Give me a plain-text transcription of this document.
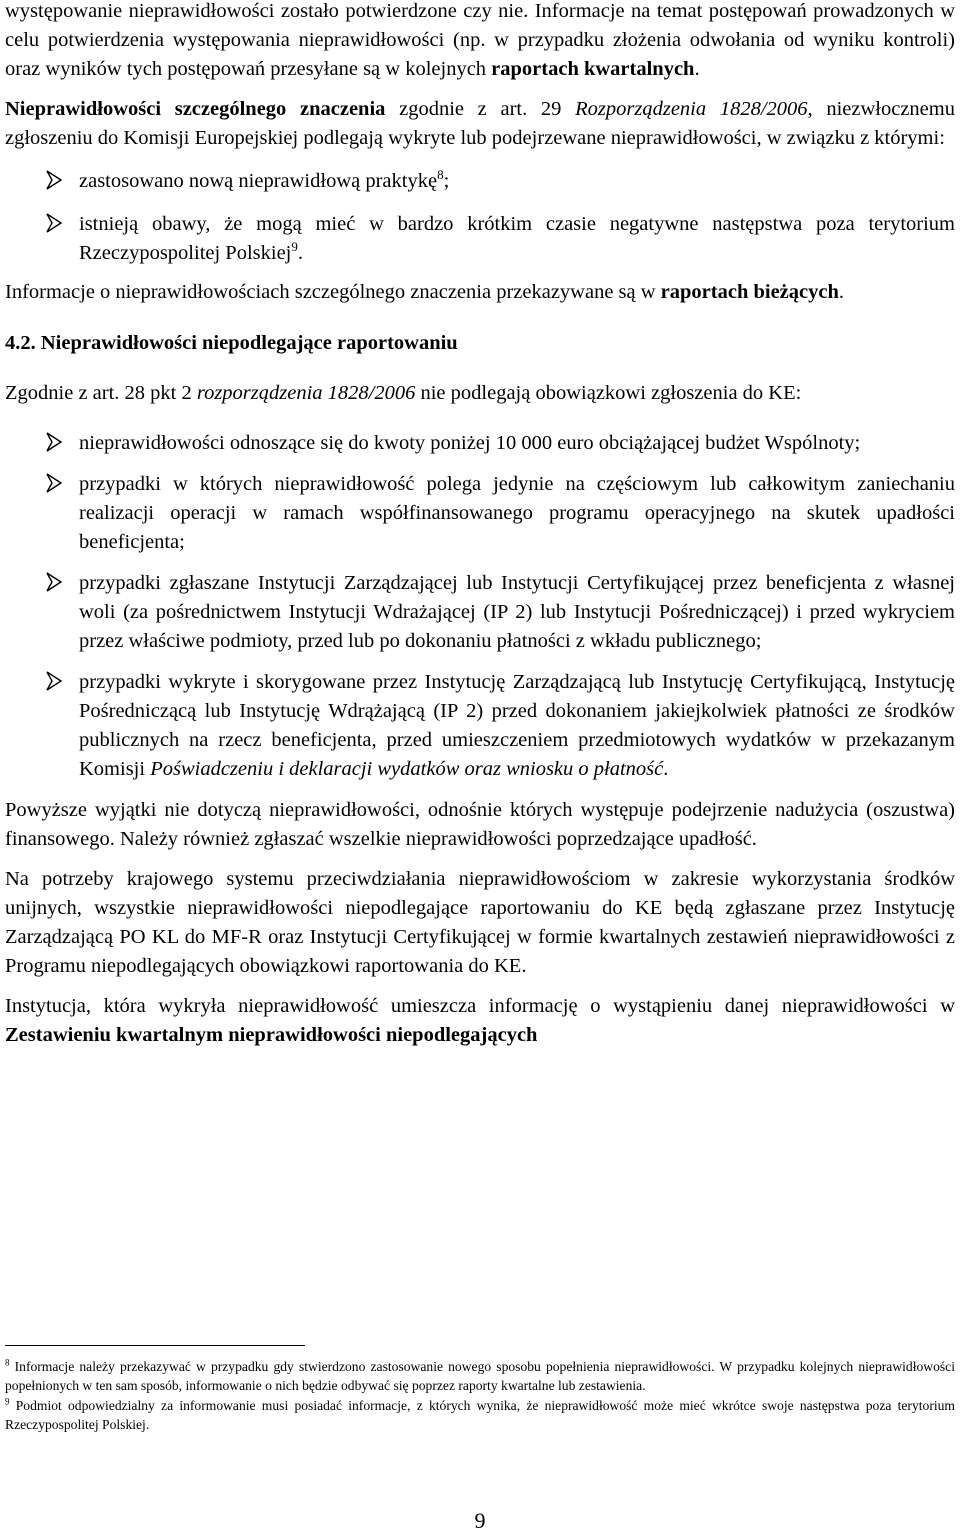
występowanie nieprawidłowości zostało potwierdzone czy nie. Informacje na temat postępowań prowadzonych w celu potwierdzenia występowania nieprawidłowości (np. w przypadku złożenia odwołania od wyniku kontroli) oraz wyników tych postępowań przesyłane są w kolejnych raportach kwartalnych.

Nieprawidłowości szczególnego znaczenia zgodnie z art. 29 Rozporządzenia 1828/2006, niezwłocznemu zgłoszeniu do Komisji Europejskiej podlegają wykryte lub podejrzewane nieprawidłowości, w związku z którymi:

zastosowano nową nieprawidłową praktykę$^8$;
istnieją obawy, że mogą mieć w bardzo krótkim czasie negatywne następstwa poza terytorium Rzeczypospolitej Polskiej$^9$.

Informacje o nieprawidłowościach szczególnego znaczenia przekazywane są w raportach bieżących.

4.2. Nieprawidłowości niepodlegające raportowaniu

Zgodnie z art. 28 pkt 2 rozporządzenia 1828/2006 nie podlegają obowiązkowi zgłoszenia do KE:

nieprawidłowości odnoszące się do kwoty poniżej 10 000 euro obciążającej budżet Wspólnoty;
przypadki w których nieprawidłowość polega jedynie na częściowym lub całkowitym zaniechaniu realizacji operacji w ramach współfinansowanego programu operacyjnego na skutek upadłości beneficjenta;
przypadki zgłaszane Instytucji Zarządzającej lub Instytucji Certyfikującej przez beneficjenta z własnej woli (za pośrednictwem Instytucji Wdrażającej (IP 2) lub Instytucji Pośredniczącej) i przed wykryciem przez właściwe podmioty, przed lub po dokonaniu płatności z wkładu publicznego;
przypadki wykryte i skorygowane przez Instytucję Zarządzającą lub Instytucję Certyfikującą, Instytucję Pośredniczącą lub Instytucję Wdrążającą (IP 2) przed dokonaniem jakiejkolwiek płatności ze środków publicznych na rzecz beneficjenta, przed umieszczeniem przedmiotowych wydatków w przekazanym Komisji Poświadczeniu i deklaracji wydatków oraz wniosku o płatność.

Powyższe wyjątki nie dotyczą nieprawidłowości, odnośnie których występuje podejrzenie nadużycia (oszustwa) finansowego. Należy również zgłaszać wszelkie nieprawidłowości poprzedzające upadłość.

Na potrzeby krajowego systemu przeciwdziałania nieprawidłowościom w zakresie wykorzystania środków unijnych, wszystkie nieprawidłowości niepodlegające raportowaniu do KE będą zgłaszane przez Instytucję Zarządzającą PO KL do MF-R oraz Instytucji Certyfikującej w formie kwartalnych zestawień nieprawidłowości z Programu niepodlegających obowiązkowi raportowania do KE.

Instytucja, która wykryła nieprawidłowość umieszcza informację o wystąpieniu danej nieprawidłowości w Zestawieniu kwartalnym nieprawidłowości niepodlegających

$^8$ Informacje należy przekazywać w przypadku gdy stwierdzono zastosowanie nowego sposobu popełnienia nieprawidłowości. W przypadku kolejnych nieprawidłowości popełnionych w ten sam sposób, informowanie o nich będzie odbywać się poprzez raporty kwartalne lub zestawienia.

$^9$ Podmiot odpowiedzialny za informowanie musi posiadać informacje, z których wynika, że nieprawidłowość może mieć wkrótce swoje następstwa poza terytorium Rzeczypospolitej Polskiej.

9
